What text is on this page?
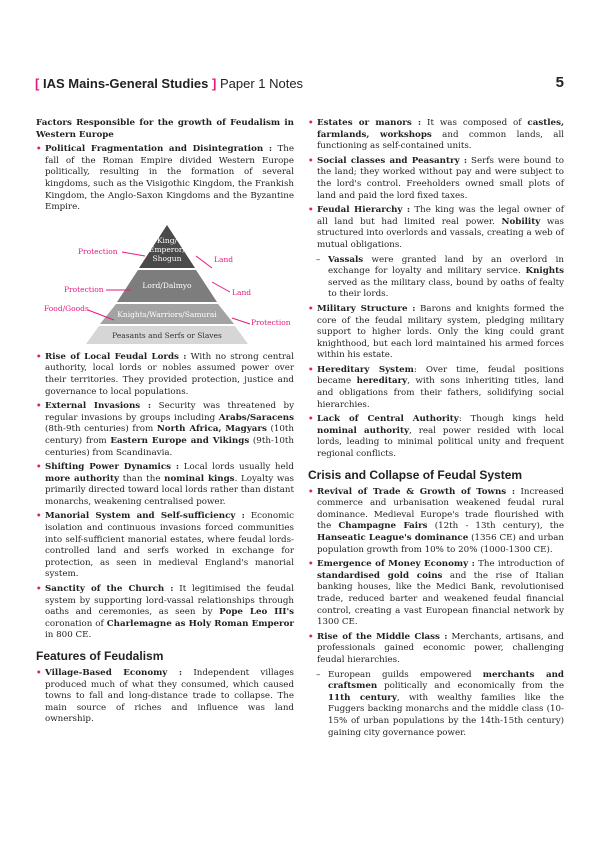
[ IAS Mains-General Studies ] Paper 1 Notes	5

Factors Responsible for the growth of Feudalism in Western Europe

• Political Fragmentation and Disintegration : The fall of the Roman Empire divided Western Europe politically, resulting in the formation of several kingdoms, such as the Visigothic Kingdom, the Frankish Kingdom, the Anglo-Saxon Kingdoms and the Byzantine Empire.
King/ Emperor/ Shogun
Lord/Dalmyo
Knights/Warriors/Samurai
Peasants and Serfs or Slaves
Protection
Protection
Food/Goods
Land
Land
Protection
• Rise of Local Feudal Lords : With no strong central authority, local lords or nobles assumed power over their territories. They provided protection, justice and governance to local populations.
• External Invasions : Security was threatened by regular invasions by groups including Arabs/Saracens (8th-9th centuries) from North Africa, Magyars (10th century) from Eastern Europe and Vikings (9th-10th centuries) from Scandinavia.
• Shifting Power Dynamics : Local lords usually held more authority than the nominal kings. Loyalty was primarily directed toward local lords rather than distant monarchs, weakening centralised power.
• Manorial System and Self-sufficiency : Economic isolation and continuous invasions forced communities into self-sufficient manorial estates, where feudal lords-controlled land and serfs worked in exchange for protection, as seen in medieval England's manorial system.
• Sanctity of the Church : It legitimised the feudal system by supporting lord-vassal relationships through oaths and ceremonies, as seen by Pope Leo III's coronation of Charlemagne as Holy Roman Emperor in 800 CE.
Features of Feudalism
• Village-Based Economy : Independent villages produced much of what they consumed, which caused towns to fall and long-distance trade to collapse. The main source of riches and influence was land ownership.
• Estates or manors : It was composed of castles, farmlands, workshops and common lands, all functioning as self-contained units.
• Social classes and Peasantry : Serfs were bound to the land; they worked without pay and were subject to the lord's control. Freeholders owned small plots of land and paid the lord fixed taxes.
• Feudal Hierarchy : The king was the legal owner of all land but had limited real power. Nobility was structured into overlords and vassals, creating a web of mutual obligations.
– Vassals were granted land by an overlord in exchange for loyalty and military service. Knights served as the military class, bound by oaths of fealty to their lords.
• Military Structure : Barons and knights formed the core of the feudal military system, pledging military support to higher lords. Only the king could grant knighthood, but each lord maintained his armed forces within his estate.
• Hereditary System: Over time, feudal positions became hereditary, with sons inheriting titles, land and obligations from their fathers, solidifying social hierarchies.
• Lack of Central Authority: Though kings held nominal authority, real power resided with local lords, leading to minimal political unity and frequent regional conflicts.
Crisis and Collapse of Feudal System
• Revival of Trade & Growth of Towns : Increased commerce and urbanisation weakened feudal rural dominance. Medieval Europe's trade flourished with the Champagne Fairs (12th - 13th century), the Hanseatic League's dominance (1356 CE) and urban population growth from 10% to 20% (1000-1300 CE).
• Emergence of Money Economy : The introduction of standardised gold coins and the rise of Italian banking houses, like the Medici Bank, revolutionised trade, reduced barter and weakened feudal financial control, creating a vast European financial network by 1300 CE.
• Rise of the Middle Class : Merchants, artisans, and professionals gained economic power, challenging feudal hierarchies.
– European guilds empowered merchants and craftsmen politically and economically from the 11th century, with wealthy families like the Fuggers backing monarchs and the middle class (10-15% of urban populations by the 14th-15th century) gaining city governance power.
